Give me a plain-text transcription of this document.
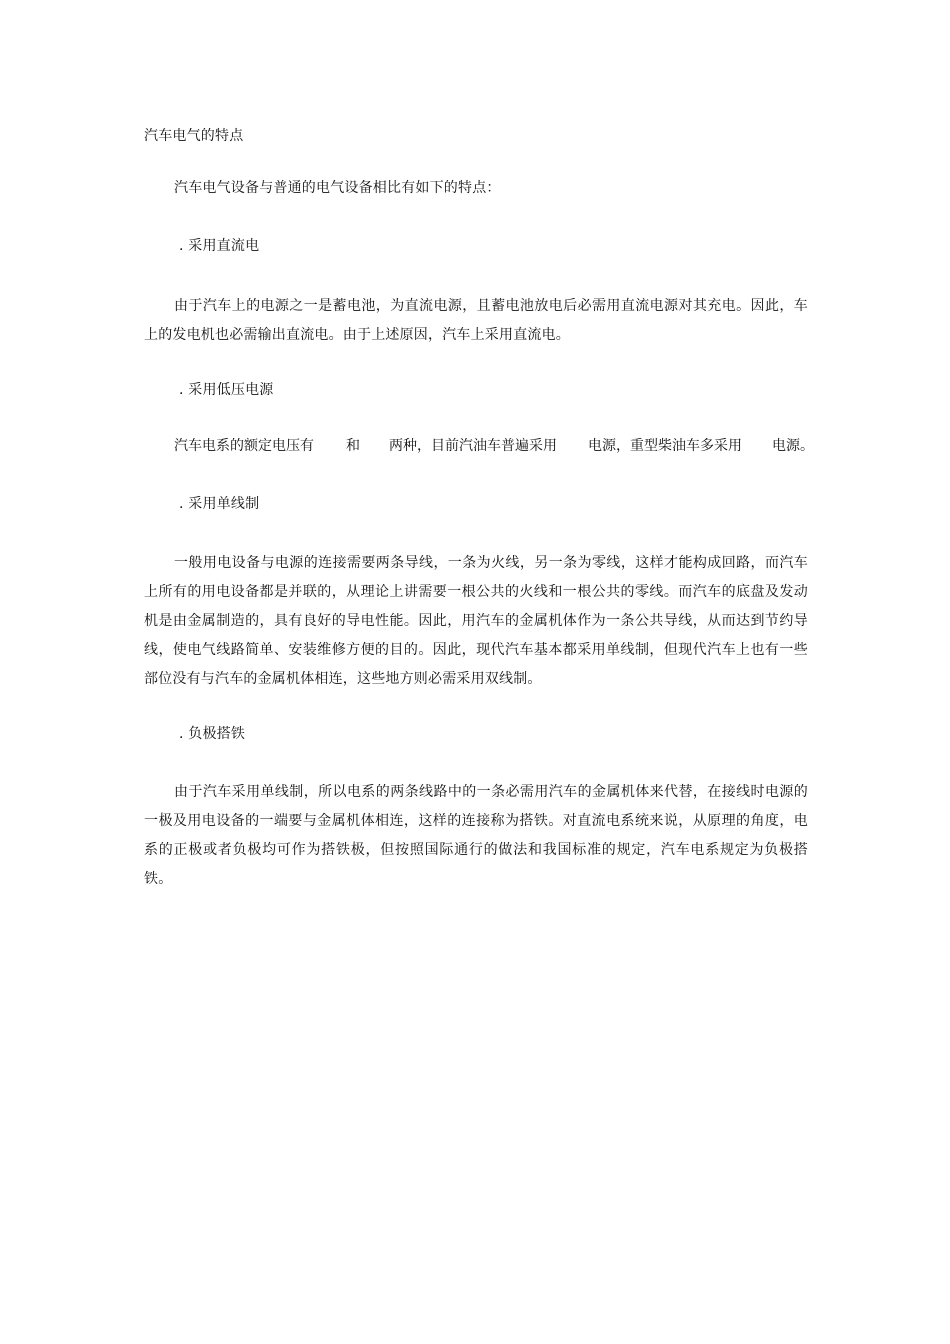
汽车电气的特点
汽车电气设备与普通的电气设备相比有如下的特点：
. 采用直流电
由于汽车上的电源之一是蓄电池，为直流电源，且蓄电池放电后必需用直流电源对其充电。因此，车上的发电机也必需输出直流电。由于上述原因，汽车上采用直流电。
. 采用低压电源
汽车电系的额定电压有 和 两种，目前汽油车普遍采用 电源，重型柴油车多采用 电源。
. 采用单线制
一般用电设备与电源的连接需要两条导线，一条为火线，另一条为零线，这样才能构成回路，而汽车上所有的用电设备都是并联的，从理论上讲需要一根公共的火线和一根公共的零线。而汽车的底盘及发动机是由金属制造的，具有良好的导电性能。因此，用汽车的金属机体作为一条公共导线，从而达到节约导线，使电气线路简单、安装维修方便的目的。因此，现代汽车基本都采用单线制，但现代汽车上也有一些部位没有与汽车的金属机体相连，这些地方则必需采用双线制。
. 负极搭铁
由于汽车采用单线制，所以电系的两条线路中的一条必需用汽车的金属机体来代替，在接线时电源的一极及用电设备的一端要与金属机体相连，这样的连接称为搭铁。对直流电系统来说，从原理的角度，电系的正极或者负极均可作为搭铁极，但按照国际通行的做法和我国标准的规定，汽车电系规定为负极搭铁。
